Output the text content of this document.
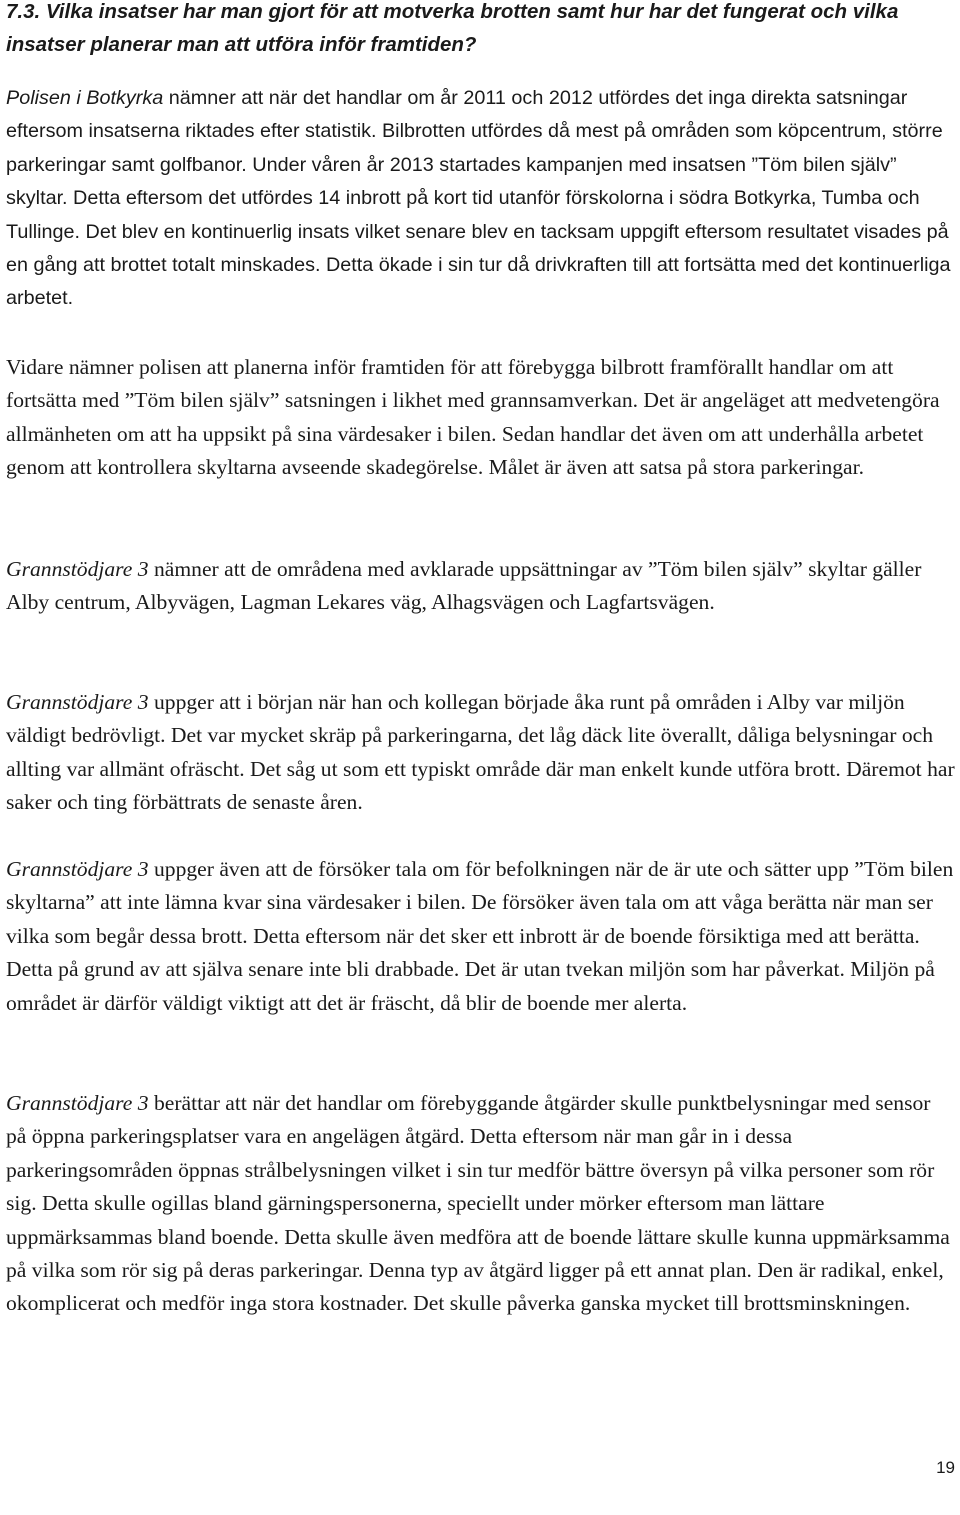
7.3. Vilka insatser har man gjort för att motverka brotten samt hur har det fungerat och vilka insatser planerar man att utföra inför framtiden?

Polisen i Botkyrka nämner att när det handlar om år 2011 och 2012 utfördes det inga direkta satsningar eftersom insatserna riktades efter statistik. Bilbrotten utfördes då mest på områden som köpcentrum, större parkeringar samt golfbanor. Under våren år 2013 startades kampanjen med insatsen ”Töm bilen själv” skyltar. Detta eftersom det utfördes 14 inbrott på kort tid utanför förskolorna i södra Botkyrka, Tumba och Tullinge. Det blev en kontinuerlig insats vilket senare blev en tacksam uppgift eftersom resultatet visades på en gång att brottet totalt minskades. Detta ökade i sin tur då drivkraften till att fortsätta med det kontinuerliga arbetet.

Vidare nämner polisen att planerna inför framtiden för att förebygga bilbrott framförallt handlar om att fortsätta med ”Töm bilen själv” satsningen i likhet med grannsamverkan. Det är angeläget att medvetengöra allmänheten om att ha uppsikt på sina värdesaker i bilen. Sedan handlar det även om att underhålla arbetet genom att kontrollera skyltarna avseende skadegörelse. Målet är även att satsa på stora parkeringar.

Grannstödjare 3 nämner att de områdena med avklarade uppsättningar av ”Töm bilen själv” skyltar gäller Alby centrum, Albyvägen, Lagman Lekares väg, Alhagsvägen och Lagfartsvägen.

Grannstödjare 3 uppger att i början när han och kollegan började åka runt på områden i Alby var miljön väldigt bedrövligt. Det var mycket skräp på parkeringarna, det låg däck lite överallt, dåliga belysningar och allting var allmänt ofräscht. Det såg ut som ett typiskt område där man enkelt kunde utföra brott. Däremot har saker och ting förbättrats de senaste åren.

Grannstödjare 3 uppger även att de försöker tala om för befolkningen när de är ute och sätter upp ”Töm bilen skyltarna” att inte lämna kvar sina värdesaker i bilen. De försöker även tala om att våga berätta när man ser vilka som begår dessa brott. Detta eftersom när det sker ett inbrott är de boende försiktiga med att berätta. Detta på grund av att själva senare inte bli drabbade. Det är utan tvekan miljön som har påverkat. Miljön på området är därför väldigt viktigt att det är fräscht, då blir de boende mer alerta.

Grannstödjare 3 berättar att när det handlar om förebyggande åtgärder skulle punktbelysningar med sensor på öppna parkeringsplatser vara en angelägen åtgärd. Detta eftersom när man går in i dessa parkeringsområden öppnas strålbelysningen vilket i sin tur medför bättre översyn på vilka personer som rör sig. Detta skulle ogillas bland gärningspersonerna, speciellt under mörker eftersom man lättare uppmärksammas bland boende. Detta skulle även medföra att de boende lättare skulle kunna uppmärksamma på vilka som rör sig på deras parkeringar. Denna typ av åtgärd ligger på ett annat plan. Den är radikal, enkel, okomplicerat och medför inga stora kostnader. Det skulle påverka ganska mycket till brottsminskningen.

19
